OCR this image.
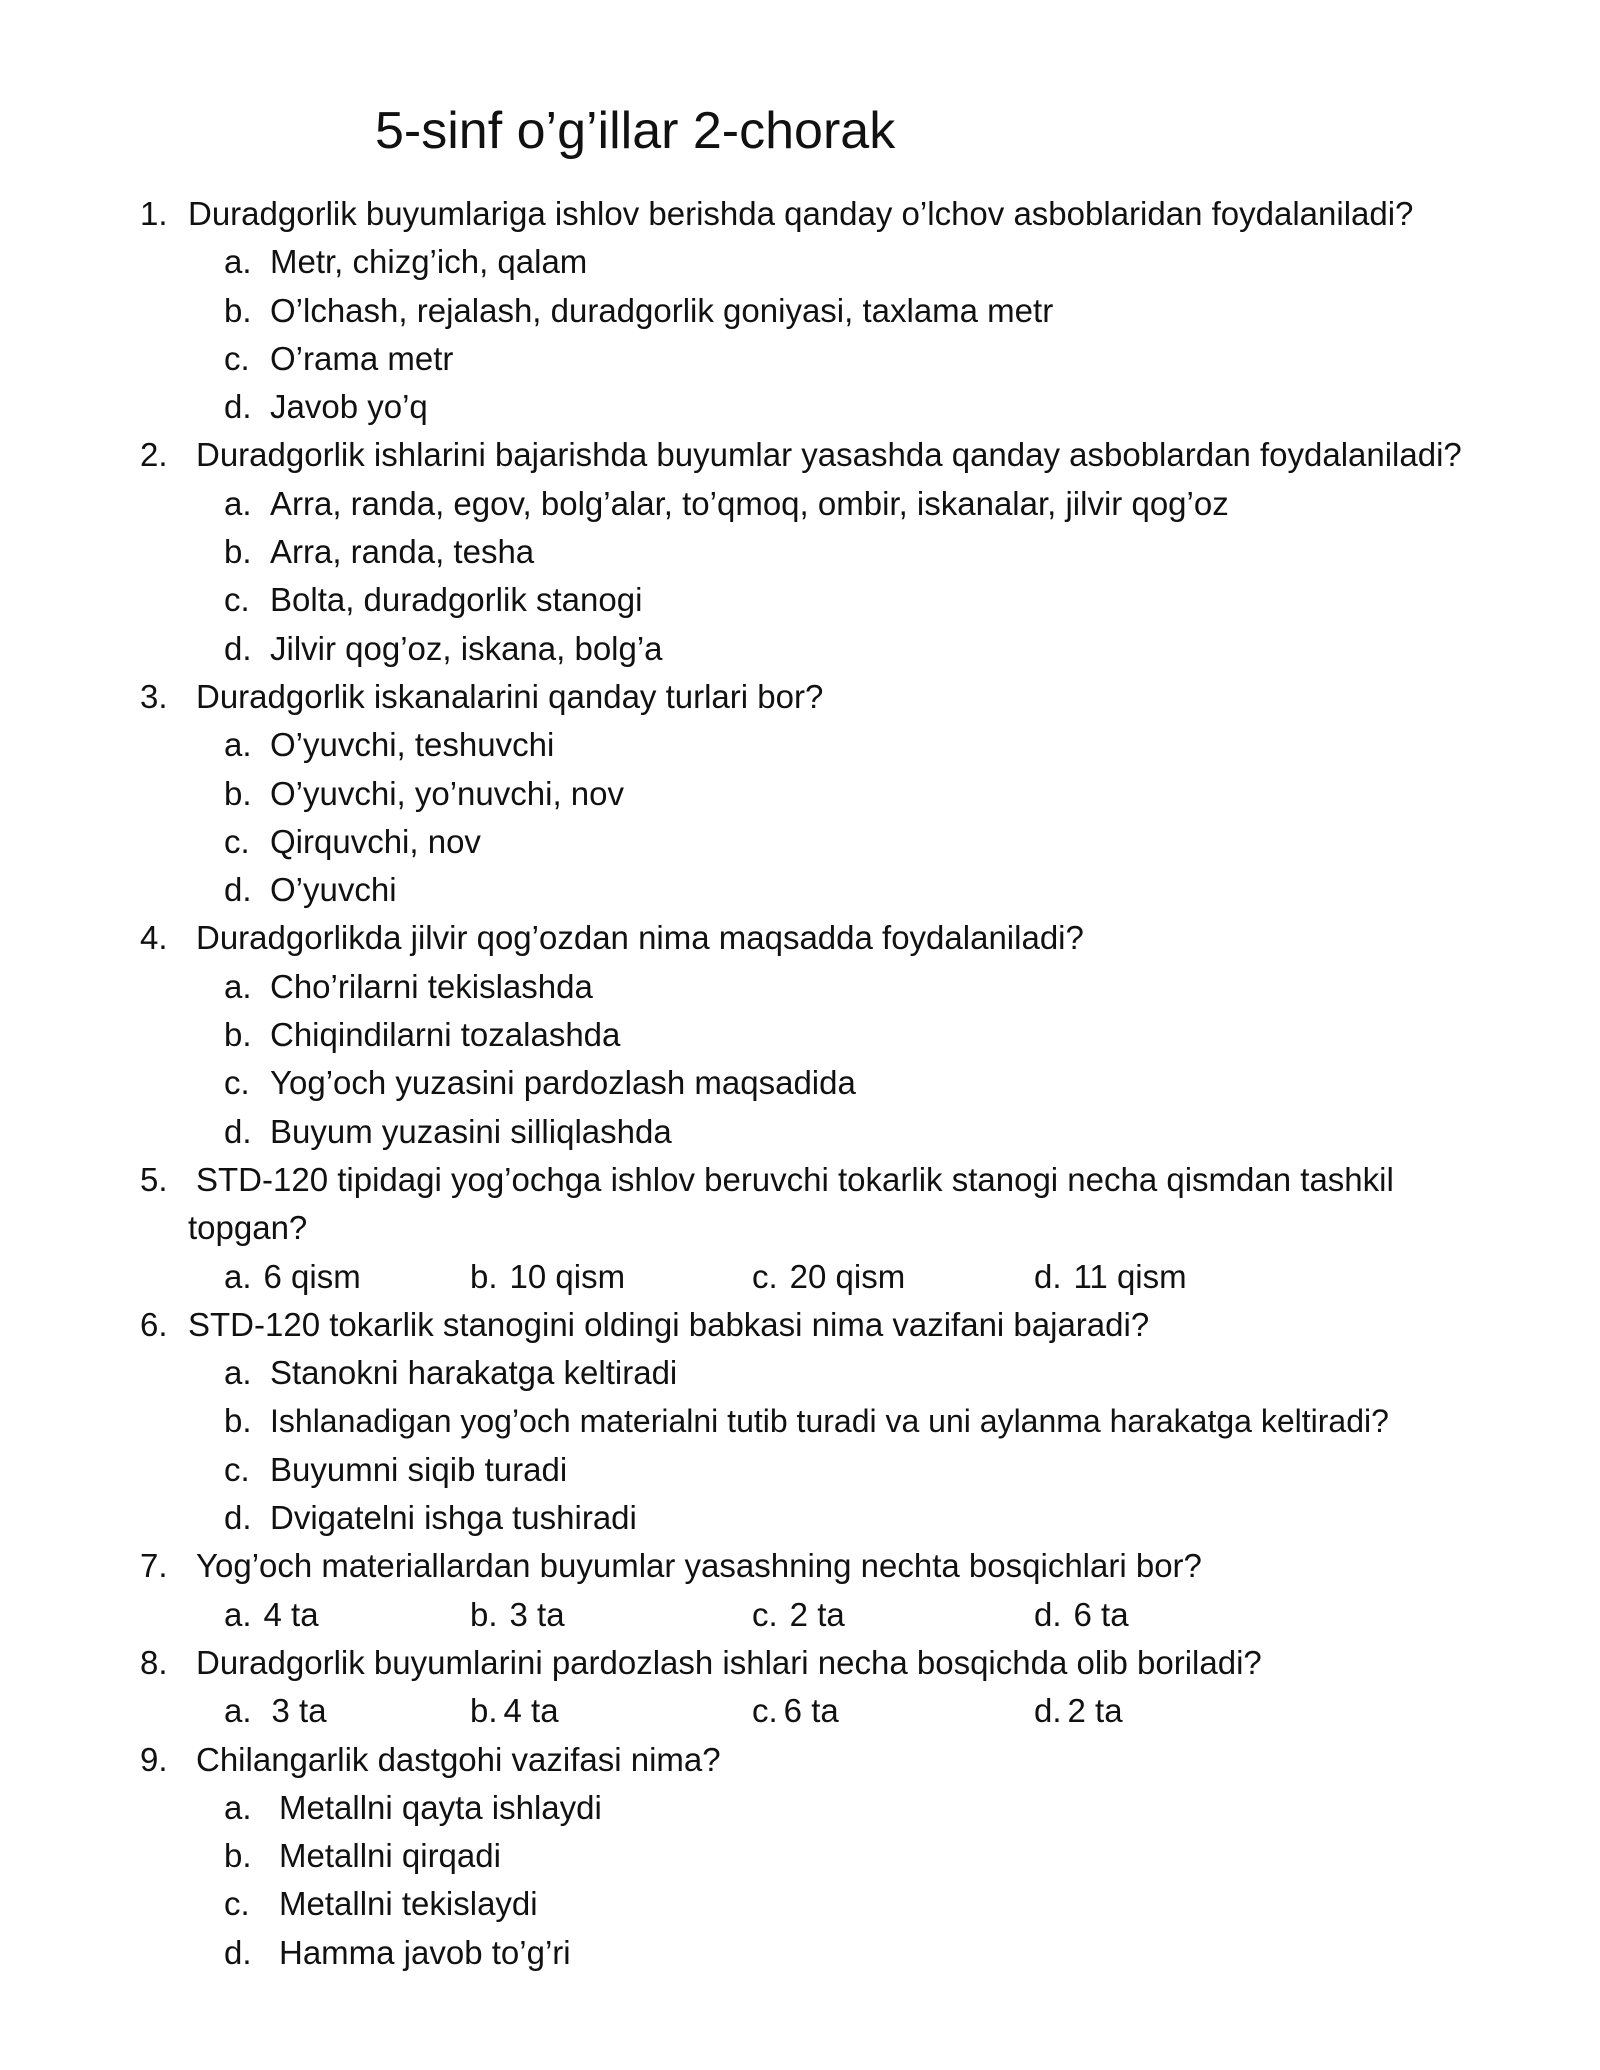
5-sinf o’g’illar 2-chorak
1. Duradgorlik buyumlariga ishlov berishda qanday o’lchov asboblaridan foydalaniladi?
a. Metr, chizg’ich, qalam
b. O’lchash, rejalash, duradgorlik goniyasi, taxlama metr
c. O’rama metr
d. Javob yo’q
2. Duradgorlik ishlarini bajarishda buyumlar yasashda qanday asboblardan foydalaniladi?
a. Arra, randa, egov, bolg’alar, to’qmoq, ombir, iskanalar, jilvir qog’oz
b. Arra, randa, tesha
c. Bolta, duradgorlik stanogi
d. Jilvir qog’oz, iskana, bolg’a
3. Duradgorlik iskanalarini qanday turlari bor?
a. O’yuvchi, teshuvchi
b. O’yuvchi, yo’nuvchi, nov
c. Qirquvchi, nov
d. O’yuvchi
4. Duradgorlikda jilvir qog’ozdan nima maqsadda foydalaniladi?
a. Cho’rilarni tekislashda
b. Chiqindilarni tozalashda
c. Yog’och yuzasini pardozlash maqsadida
d. Buyum yuzasini silliqlashda
5. STD-120 tipidagi yog’ochga ishlov beruvchi tokarlik stanogi necha qismdan tashkil
topgan?
a. 6 qism	b. 10 qism	c. 20 qism	d. 11 qism
6. STD-120 tokarlik stanogini oldingi babkasi nima vazifani bajaradi?
a. Stanokni harakatga keltiradi
b. Ishlanadigan yog’och materialni tutib turadi va uni aylanma harakatga keltiradi?
c. Buyumni siqib turadi
d. Dvigatelni ishga tushiradi
7. Yog’och materiallardan buyumlar yasashning nechta bosqichlari bor?
a. 4 ta	b. 3 ta	c. 2 ta	d. 6 ta
8. Duradgorlik buyumlarini pardozlash ishlari necha bosqichda olib boriladi?
a. 3 ta	b. 4 ta	c. 6 ta	d. 2 ta
9. Chilangarlik dastgohi vazifasi nima?
a. Metallni qayta ishlaydi
b. Metallni qirqadi
c. Metallni tekislaydi
d. Hamma javob to’g’ri
